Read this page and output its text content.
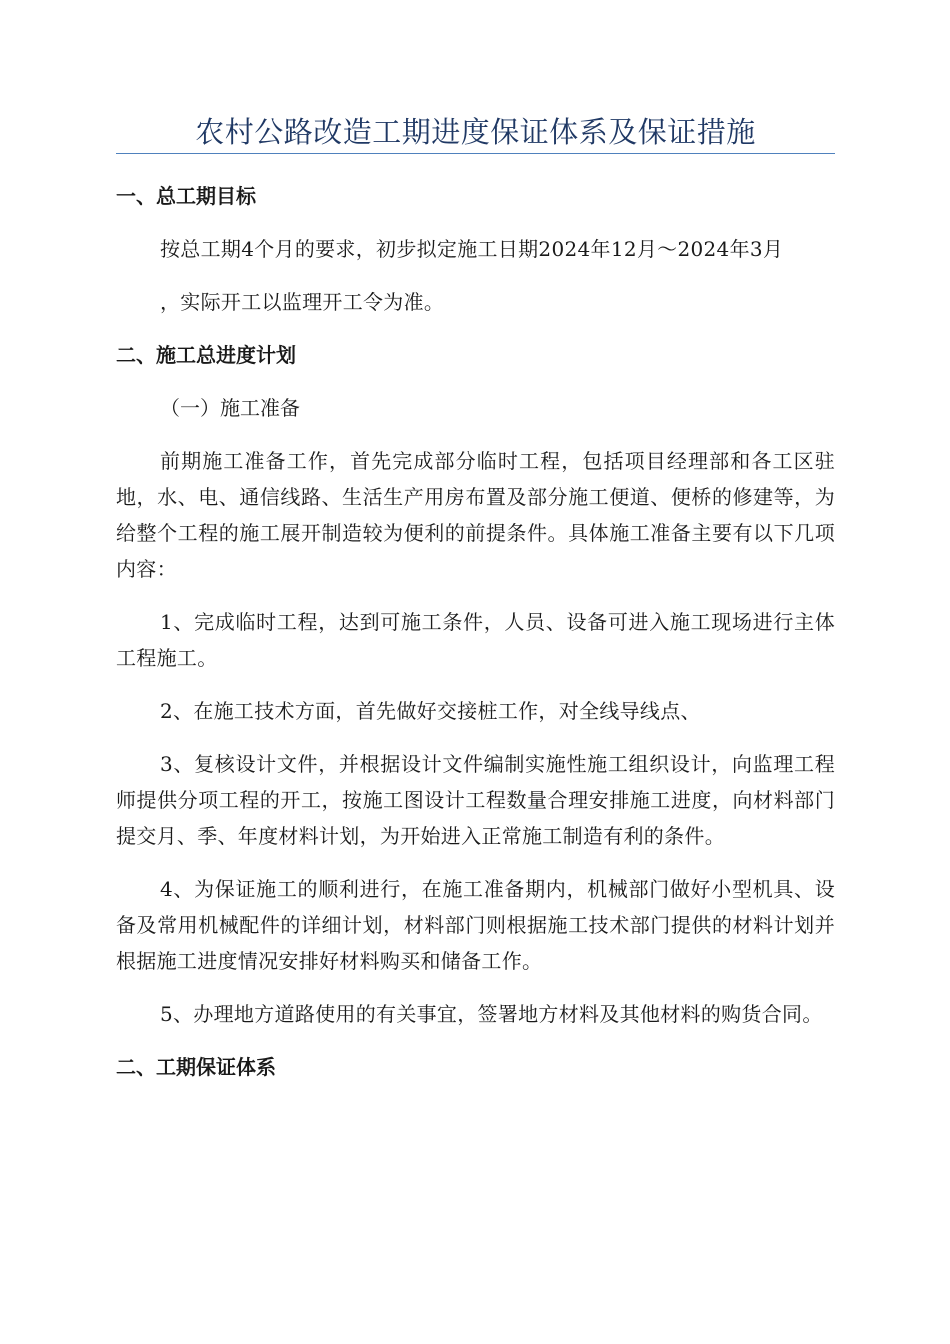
农村公路改造工期进度保证体系及保证措施
一、总工期目标
按总工期4个月的要求，初步拟定施工日期2024年12月～2024年3月
，实际开工以监理开工令为准。
二、施工总进度计划
（一）施工准备
前期施工准备工作，首先完成部分临时工程，包括项目经理部和各工区驻地，水、电、通信线路、生活生产用房布置及部分施工便道、便桥的修建等，为给整个工程的施工展开制造较为便利的前提条件。具体施工准备主要有以下几项内容：
1、完成临时工程，达到可施工条件，人员、设备可进入施工现场进行主体工程施工。
2、在施工技术方面，首先做好交接桩工作，对全线导线点、
3、复核设计文件，并根据设计文件编制实施性施工组织设计，向监理工程师提供分项工程的开工，按施工图设计工程数量合理安排施工进度，向材料部门提交月、季、年度材料计划，为开始进入正常施工制造有利的条件。
4、为保证施工的顺利进行，在施工准备期内，机械部门做好小型机具、设备及常用机械配件的详细计划，材料部门则根据施工技术部门提供的材料计划并根据施工进度情况安排好材料购买和储备工作。
5、办理地方道路使用的有关事宜，签署地方材料及其他材料的购货合同。
二、工期保证体系
